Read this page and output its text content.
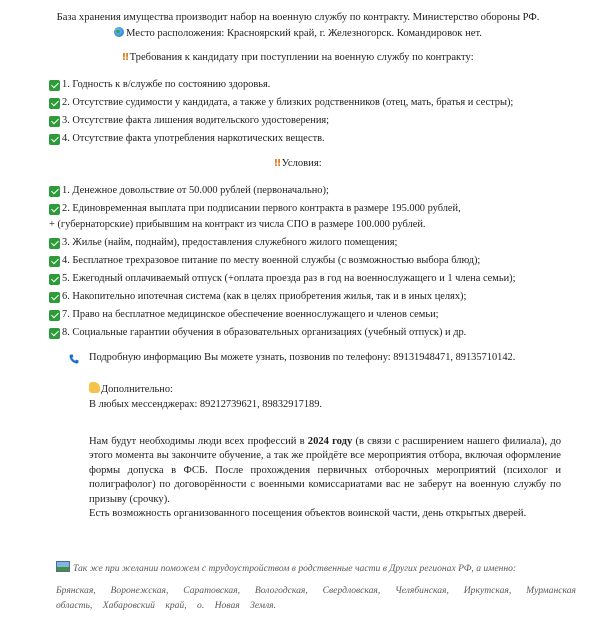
База хранения имущества производит набор на военную службу по контракту. Министерство обороны РФ.
Место расположения: Красноярский край, г. Железногорск. Командировок нет.
‼ Требования к кандидату при поступлении на военную службу по контракту:
1. Годность к в/службе по состоянию здоровья.
2. Отсутствие судимости у кандидата, а также у близких родственников (отец, мать, братья и сестры);
3. Отсутствие факта лишения водительского удостоверения;
4. Отсутствие факта употребления наркотических веществ.
‼ Условия:
1. Денежное довольствие от 50.000 рублей (первоначально);
2. Единовременная выплата при подписании первого контракта в размере 195.000 рублей,
+ (губернаторские) прибывшим на контракт из числа СПО в размере 100.000 рублей.
3. Жилье (найм, поднайм), предоставления служебного жилого помещения;
4. Бесплатное трехразовое питание по месту военной службы (с возможностью выбора блюд);
5. Ежегодный оплачиваемый отпуск (+оплата проезда раз в год на военнослужащего и 1 члена семьи);
6. Накопительно ипотечная система (как в целях приобретения жилья, так и в иных целях);
7. Право на бесплатное медицинское обеспечение военнослужащего и членов семьи;
8. Социальные гарантии обучения в образовательных организациях (учебный отпуск) и др.
Подробную информацию Вы можете узнать, позвонив по телефону: 89131948471, 89135710142.
Дополнительно:
В любых мессенджерах: 89212739621, 89832917189.
Нам будут необходимы люди всех профессий в 2024 году (в связи с расширением нашего филиала), до этого момента вы закончите обучение, а так же пройдёте все мероприятия отбора, включая оформление формы допуска в ФСБ. После прохождения первичных отборочных мероприятий (психолог и полиграфолог) по договорённости с военными комиссариатами вас не заберут на военную службу по призыву (срочку).
Есть возможность организованного посещения объектов воинской части, день открытых дверей.
Так же при желании поможем с трудоустройством в родственные части в Других регионах РФ, а именно:
Брянская, Воронежская, Саратовская, Вологодская, Свердловская, Челябинская, Иркутская, Мурманская область, Хабаровский край, о. Новая Земля.
